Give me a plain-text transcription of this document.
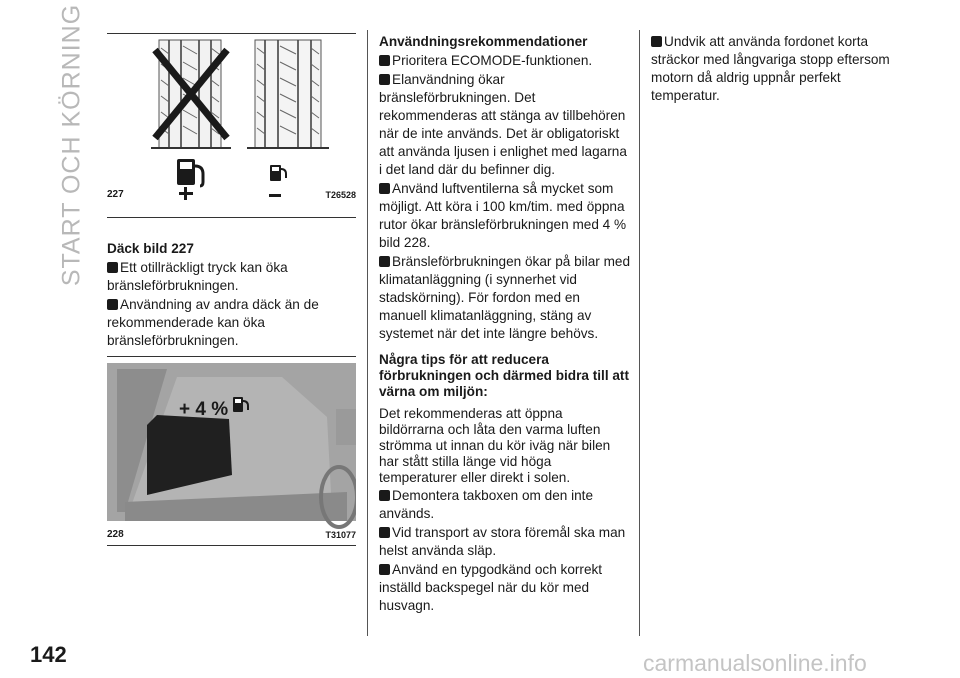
START OCH KÖRNING 227	T26528

Däck bild 227

Ett otillräckligt tryck kan öka bränsleförbrukningen.

Användning av andra däck än de rekommenderade kan öka bränsleförbrukningen.

+ 4 %
228	T31077

Användningsrekommendationer

Prioritera ECOMODE-funktionen.

Elanvändning ökar bränsleförbrukningen. Det rekommenderas att stänga av tillbehören när de inte används. Det är obligatoriskt att använda ljusen i enlighet med lagarna i det land där du befinner dig.

Använd luftventilerna så mycket som möjligt. Att köra i 100 km/tim. med öppna rutor ökar bränsleförbrukningen med 4 % bild 228.

Bränsleförbrukningen ökar på bilar med klimatanläggning (i synnerhet vid stadskörning). För fordon med en manuell klimatanläggning, stäng av systemet när det inte längre behövs.

Några tips för att reducera förbrukningen och därmed bidra till att värna om miljön:

Det rekommenderas att öppna bildörrarna och låta den varma luften strömma ut innan du kör iväg när bilen har stått stilla länge vid höga temperaturer eller direkt i solen.

Demontera takboxen om den inte används.

Vid transport av stora föremål ska man helst använda släp.

Använd en typgodkänd och korrekt inställd backspegel när du kör med husvagn.

Undvik att använda fordonet korta sträckor med långvariga stopp eftersom motorn då aldrig uppnår perfekt temperatur.

142	carmanualsonline.info
